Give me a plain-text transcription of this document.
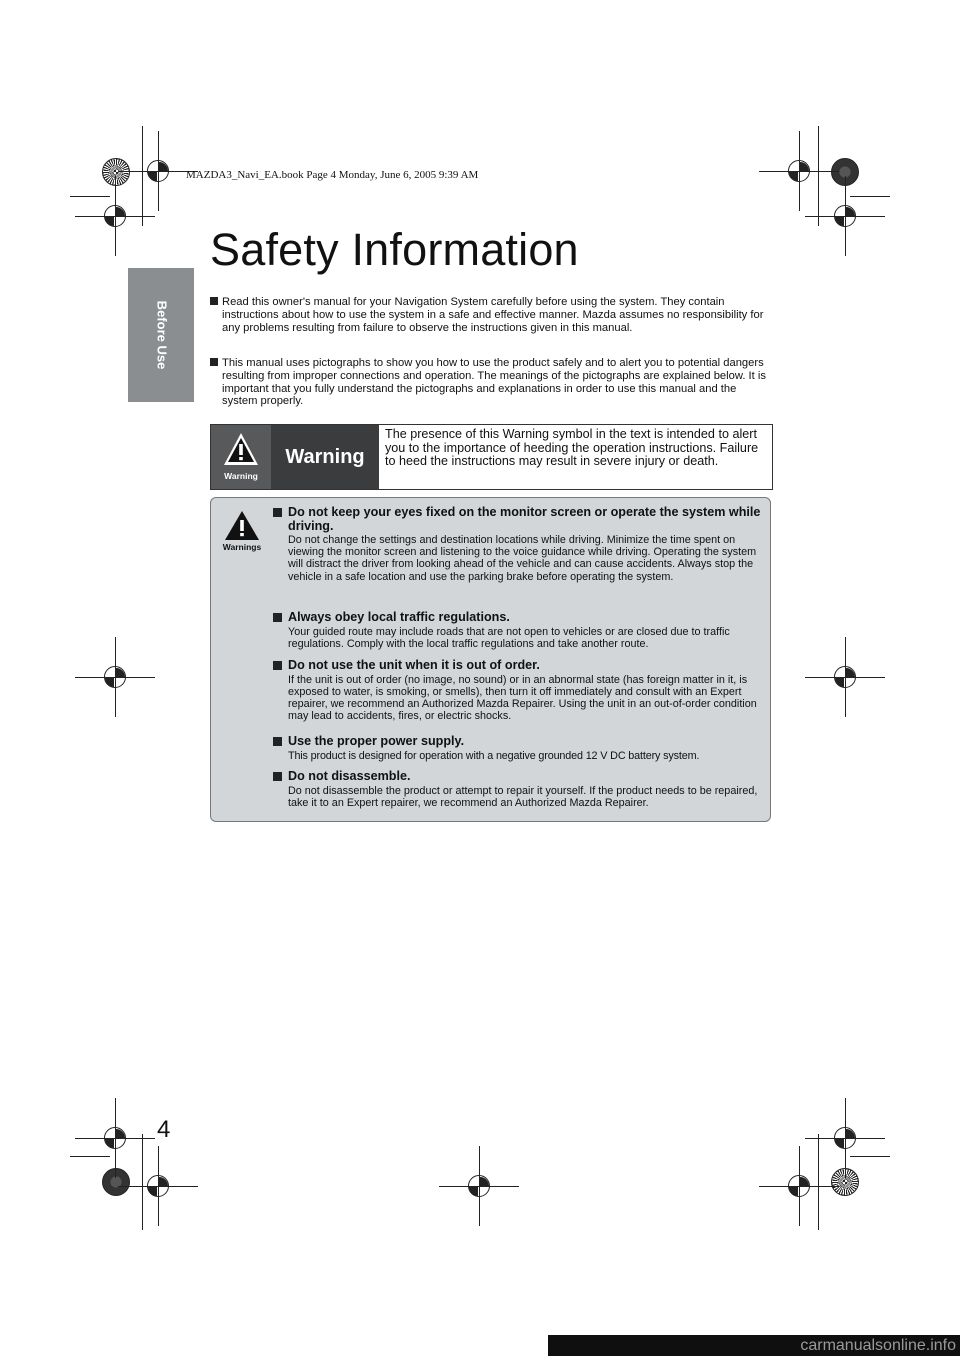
MAZDA3_Navi_EA.book Page 4 Monday, June 6, 2005 9:39 AM
Before Use
Safety Information

Read this owner's manual for your Navigation System carefully before using the system. They contain instructions about how to use the system in a safe and effective manner. Mazda assumes no responsibility for any problems resulting from failure to observe the instructions given in this manual.

This manual uses pictographs to show you how to use the product safely and to alert you to potential dangers resulting from improper connections and operation. The meanings of the pictographs are explained below. It is important that you fully understand the pictographs and explanations in order to use this manual and the system properly.

Warning
Warning
The presence of this Warning symbol in the text is intended to alert you to the importance of heeding the operation instructions. Failure to heed the instructions may result in severe injury or death.
Warnings
Do not keep your eyes fixed on the monitor screen or operate the system while driving.
Do not change the settings and destination locations while driving. Minimize the time spent on viewing the monitor screen and listening to the voice guidance while driving. Operating the system will distract the driver from looking ahead of the vehicle and can cause accidents. Always stop the vehicle in a safe location and use the parking brake before operating the system.
Always obey local traffic regulations.
Your guided route may include roads that are not open to vehicles or are closed due to traffic regulations. Comply with the local traffic regulations and take another route.
Do not use the unit when it is out of order.
If the unit is out of order (no image, no sound) or in an abnormal state (has foreign matter in it, is exposed to water, is smoking, or smells), then turn it off immediately and consult with an Expert repairer, we recommend an Authorized Mazda Repairer. Using the unit in an out-of-order condition may lead to accidents, fires, or electric shocks.
Use the proper power supply.
This product is designed for operation with a negative grounded 12 V DC battery system.
Do not disassemble.
Do not disassemble the product or attempt to repair it yourself. If the product needs to be repaired, take it to an Expert repairer, we recommend an Authorized Mazda Repairer.
4
carmanualsonline.info
